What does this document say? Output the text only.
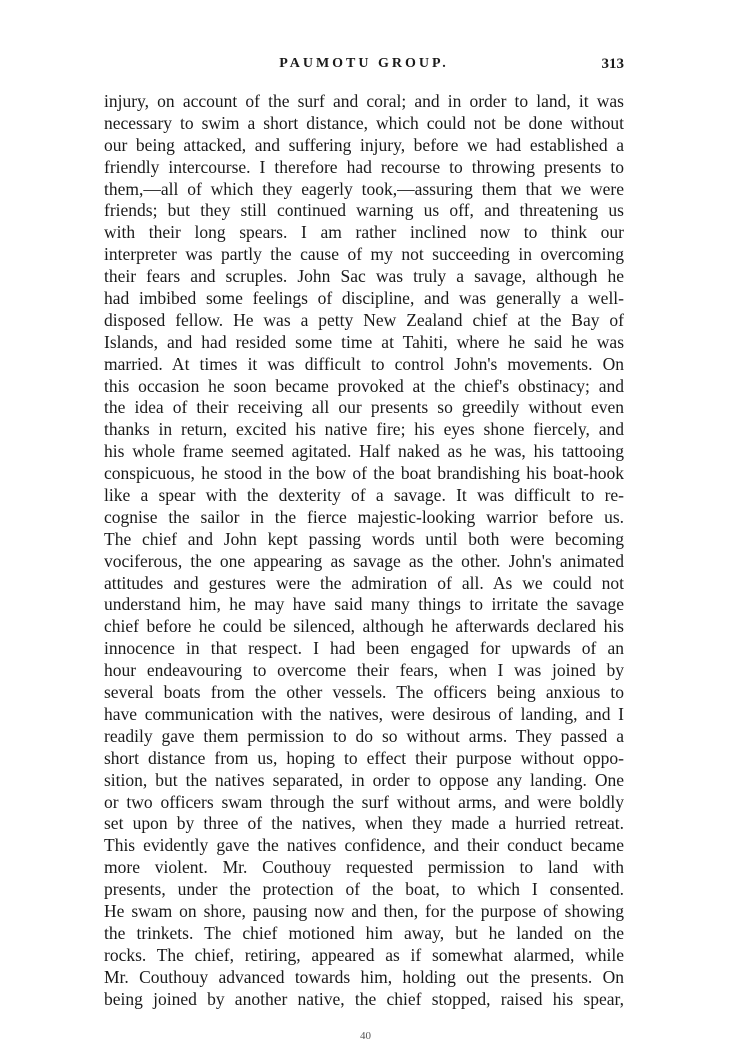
PAUMOTU GROUP.	313
injury, on account of the surf and coral; and in order to land, it was
necessary to swim a short distance, which could not be done without
our being attacked, and suffering injury, before we had established a
friendly intercourse. I therefore had recourse to throwing presents to
them,—all of which they eagerly took,—assuring them that we were
friends; but they still continued warning us off, and threatening us
with their long spears. I am rather inclined now to think our
interpreter was partly the cause of my not succeeding in overcoming
their fears and scruples. John Sac was truly a savage, although he
had imbibed some feelings of discipline, and was generally a well-
disposed fellow. He was a petty New Zealand chief at the Bay of
Islands, and had resided some time at Tahiti, where he said he was
married. At times it was difficult to control John's movements. On
this occasion he soon became provoked at the chief's obstinacy; and
the idea of their receiving all our presents so greedily without even
thanks in return, excited his native fire; his eyes shone fiercely, and
his whole frame seemed agitated. Half naked as he was, his tattooing
conspicuous, he stood in the bow of the boat brandishing his boat-hook
like a spear with the dexterity of a savage. It was difficult to re-
cognise the sailor in the fierce majestic-looking warrior before us.
The chief and John kept passing words until both were becoming
vociferous, the one appearing as savage as the other. John's animated
attitudes and gestures were the admiration of all. As we could not
understand him, he may have said many things to irritate the savage
chief before he could be silenced, although he afterwards declared his
innocence in that respect. I had been engaged for upwards of an
hour endeavouring to overcome their fears, when I was joined by
several boats from the other vessels. The officers being anxious to
have communication with the natives, were desirous of landing, and I
readily gave them permission to do so without arms. They passed a
short distance from us, hoping to effect their purpose without oppo-
sition, but the natives separated, in order to oppose any landing. One
or two officers swam through the surf without arms, and were boldly
set upon by three of the natives, when they made a hurried retreat.
This evidently gave the natives confidence, and their conduct became
more violent. Mr. Couthouy requested permission to land with
presents, under the protection of the boat, to which I consented.
He swam on shore, pausing now and then, for the purpose of showing
the trinkets. The chief motioned him away, but he landed on the
rocks. The chief, retiring, appeared as if somewhat alarmed, while
Mr. Couthouy advanced towards him, holding out the presents. On
being joined by another native, the chief stopped, raised his spear,
40
